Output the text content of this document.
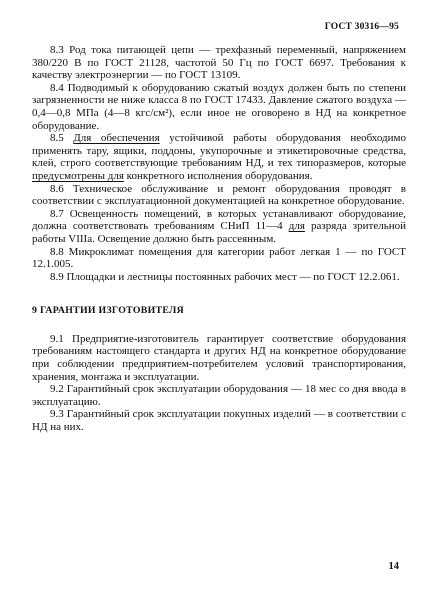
ГОСТ 30316—95

8.3 Род тока питающей цепи — трехфазный переменный, напряжением 380/220 В по ГОСТ 21128, частотой 50 Гц по ГОСТ 6697. Требования к качеству электроэнергии — по ГОСТ 13109.

8.4 Подводимый к оборудованию сжатый воздух должен быть по степени загрязненности не ниже класса 8 по ГОСТ 17433. Давление сжатого воздуха — 0,4—0,8 МПа (4—8 кгс/см²), если иное не оговорено в НД на конкретное оборудование.

8.5 Для обеспечения устойчивой работы оборудования необходимо применять тару, ящики, поддоны, укупорочные и этикетировочные средства, клей, строго соответствующие требованиям НД, и тех типоразмеров, которые предусмотрены для конкретного исполнения оборудования.

8.6 Техническое обслуживание и ремонт оборудования проводят в соответствии с эксплуатационной документацией на конкретное оборудование.

8.7 Освещенность помещений, в которых устанавливают оборудование, должна соответствовать требованиям СНиП 11—4 для разряда зрительной работы VIIIа. Освещение должно быть рассеянным.

8.8 Микроклимат помещения для категории работ легкая 1 — по ГОСТ 12.1.005.

8.9 Площадки и лестницы постоянных рабочих мест — по ГОСТ 12.2.061.

9 ГАРАНТИИ ИЗГОТОВИТЕЛЯ

9.1 Предприятие-изготовитель гарантирует соответствие оборудования требованиям настоящего стандарта и других НД на конкретное оборудование при соблюдении предприятием-потребителем условий транспортирования, хранения, монтажа и эксплуатации.

9.2 Гарантийный срок эксплуатации оборудования — 18 мес со дня ввода в эксплуатацию.

9.3 Гарантийный срок эксплуатации покупных изделий — в соответствии с НД на них.

14
